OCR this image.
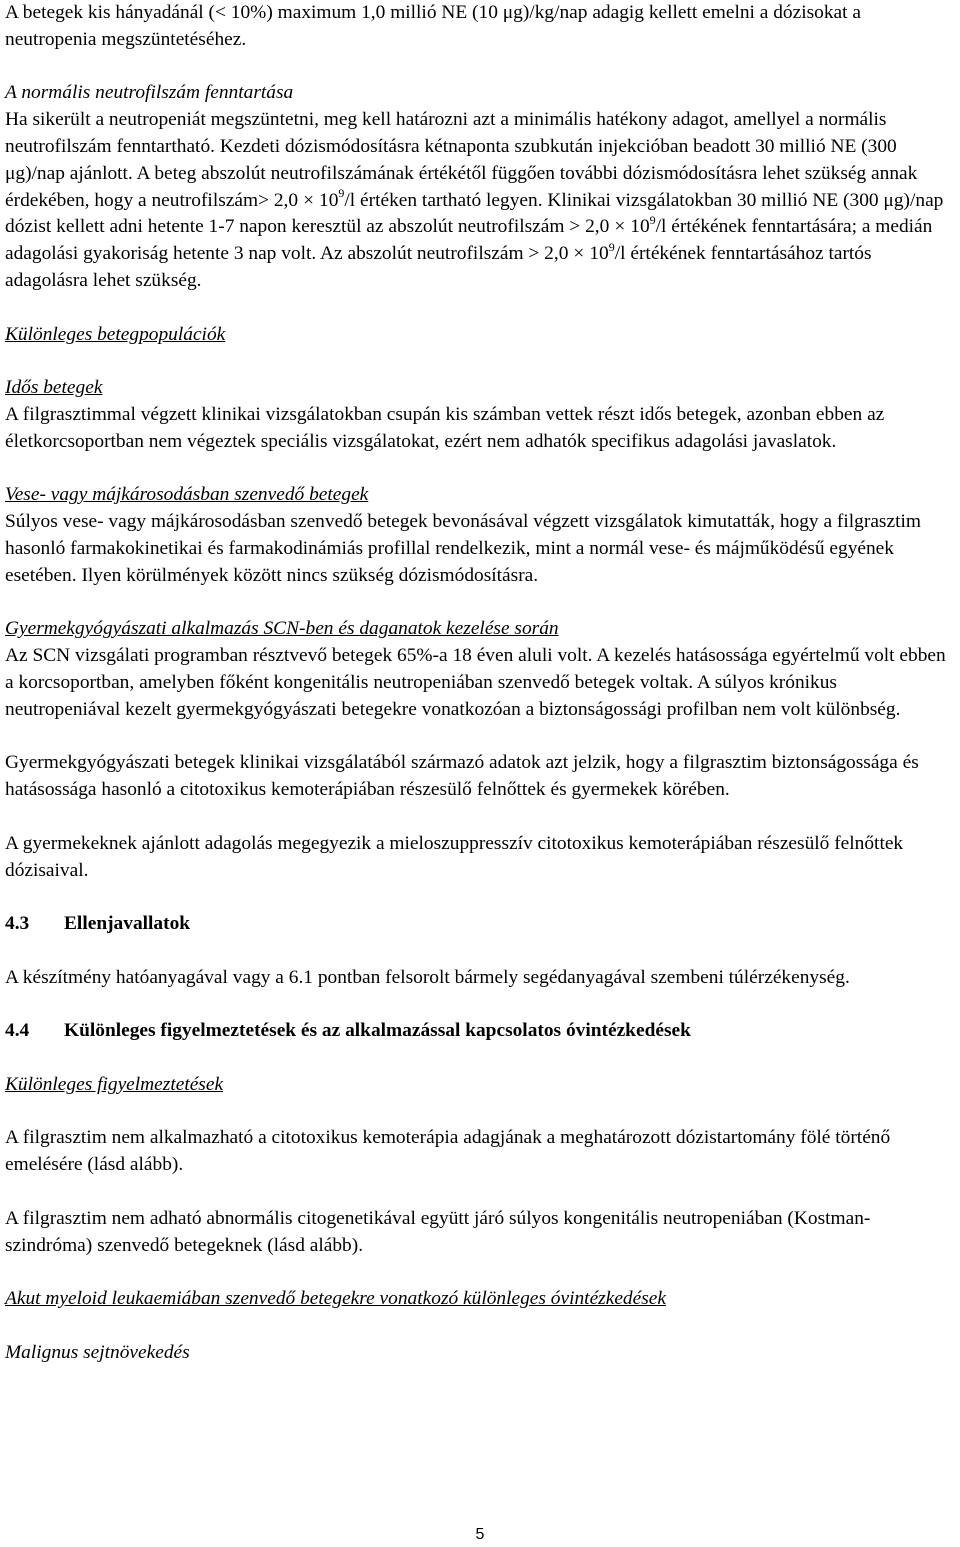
A betegek kis hányadánál (< 10%) maximum 1,0 millió NE (10 μg)/kg/nap adagig kellett emelni a dózisokat a neutropenia megszüntetéséhez.

A normális neutrofilszám fenntartása

Ha sikerült a neutropeniát megszüntetni, meg kell határozni azt a minimális hatékony adagot, amellyel a normális neutrofilszám fenntartható. Kezdeti dózismódosításra kétnaponta szubkután injekcióban beadott 30 millió NE (300 μg)/nap ajánlott. A beteg abszolút neutrofilszámának értékétől függően további dózismódosításra lehet szükség annak érdekében, hogy a neutrofilszám> $2,0 \times 10^9/l$ értéken tartható legyen. Klinikai vizsgálatokban 30 millió NE (300 μg)/nap dózist kellett adni hetente 1-7 napon keresztül az abszolút neutrofilszám > $2,0 \times 10^9/l$ értékének fenntartására; a medián adagolási gyakoriság hetente 3 nap volt. Az abszolút neutrofilszám > $2,0 \times 10^9/l$ értékének fenntartásához tartós adagolásra lehet szükség.

Különleges betegpopulációk

Idős betegek

A filgrasztimmal végzett klinikai vizsgálatokban csupán kis számban vettek részt idős betegek, azonban ebben az életkorcsoportban nem végeztek speciális vizsgálatokat, ezért nem adhatók specifikus adagolási javaslatok.

Vese- vagy májkárosodásban szenvedő betegek

Súlyos vese- vagy májkárosodásban szenvedő betegek bevonásával végzett vizsgálatok kimutatták, hogy a filgrasztim hasonló farmakokinetikai és farmakodinámiás profillal rendelkezik, mint a normál vese- és májműködésű egyének esetében. Ilyen körülmények között nincs szükség dózismódosításra.

Gyermekgyógyászati alkalmazás SCN-ben és daganatok kezelése során

Az SCN vizsgálati programban résztvevő betegek 65%-a 18 éven aluli volt. A kezelés hatásossága egyértelmű volt ebben a korcsoportban, amelyben főként kongenitális neutropeniában szenvedő betegek voltak. A súlyos krónikus neutropeniával kezelt gyermekgyógyászati betegekre vonatkozóan a biztonságossági profilban nem volt különbség.

Gyermekgyógyászati betegek klinikai vizsgálatából származó adatok azt jelzik, hogy a filgrasztim biztonságossága és hatásossága hasonló a citotoxikus kemoterápiában részesülő felnőttek és gyermekek körében.

A gyermekeknek ajánlott adagolás megegyezik a mieloszuppresszív citotoxikus kemoterápiában részesülő felnőttek dózisaival.

4.3 Ellenjavallatok

A készítmény hatóanyagával vagy a 6.1 pontban felsorolt bármely segédanyagával szembeni túlérzékenység.

4.4 Különleges figyelmeztetések és az alkalmazással kapcsolatos óvintézkedések

Különleges figyelmeztetések

A filgrasztim nem alkalmazható a citotoxikus kemoterápia adagjának a meghatározott dózistartomány fölé történő emelésére (lásd alább).

A filgrasztim nem adható abnormális citogenetikával együtt járó súlyos kongenitális neutropeniában (Kostman-szindróma) szenvedő betegeknek (lásd alább).

Akut myeloid leukaemiában szenvedő betegekre vonatkozó különleges óvintézkedések

Malignus sejtnövekedés

5
